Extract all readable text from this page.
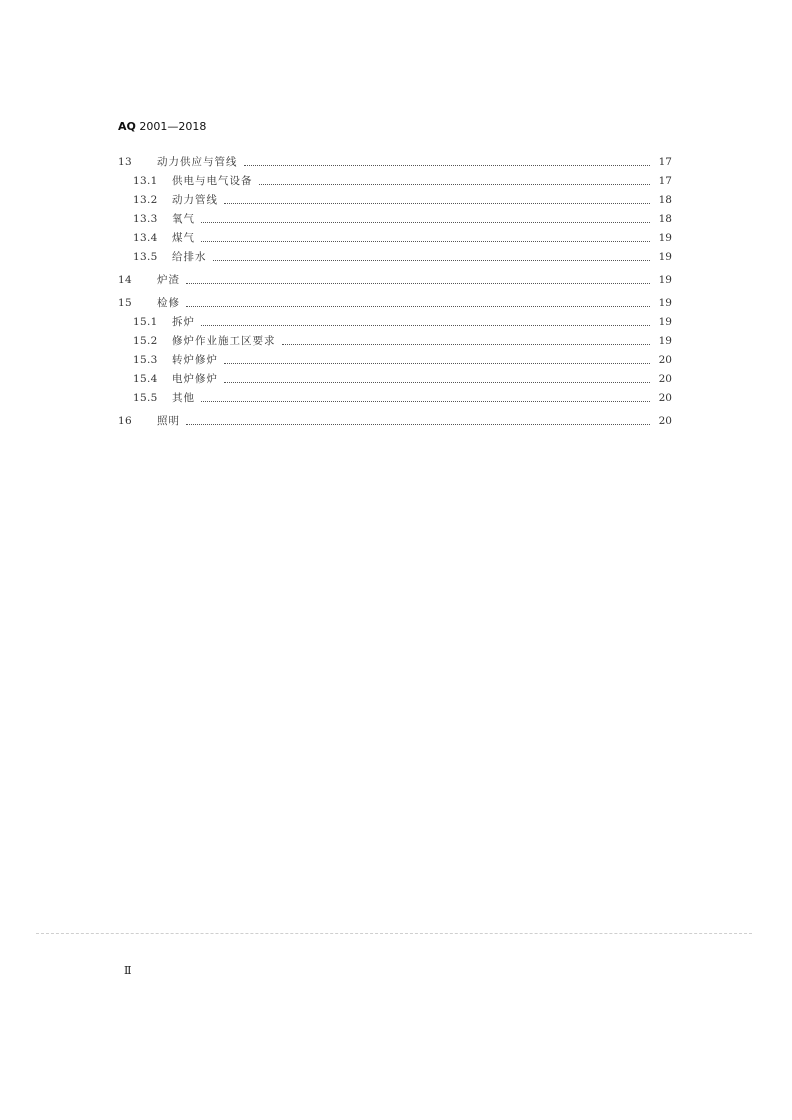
AQ 2001—2018
13	动力供应与管线	17
13.1	供电与电气设备	17
13.2	动力管线	18
13.3	氧气	18
13.4	煤气	19
13.5	给排水	19
14	炉渣	19
15	检修	19
15.1	拆炉	19
15.2	修炉作业施工区要求	19
15.3	转炉修炉	20
15.4	电炉修炉	20
15.5	其他	20
16	照明	20
Ⅱ
